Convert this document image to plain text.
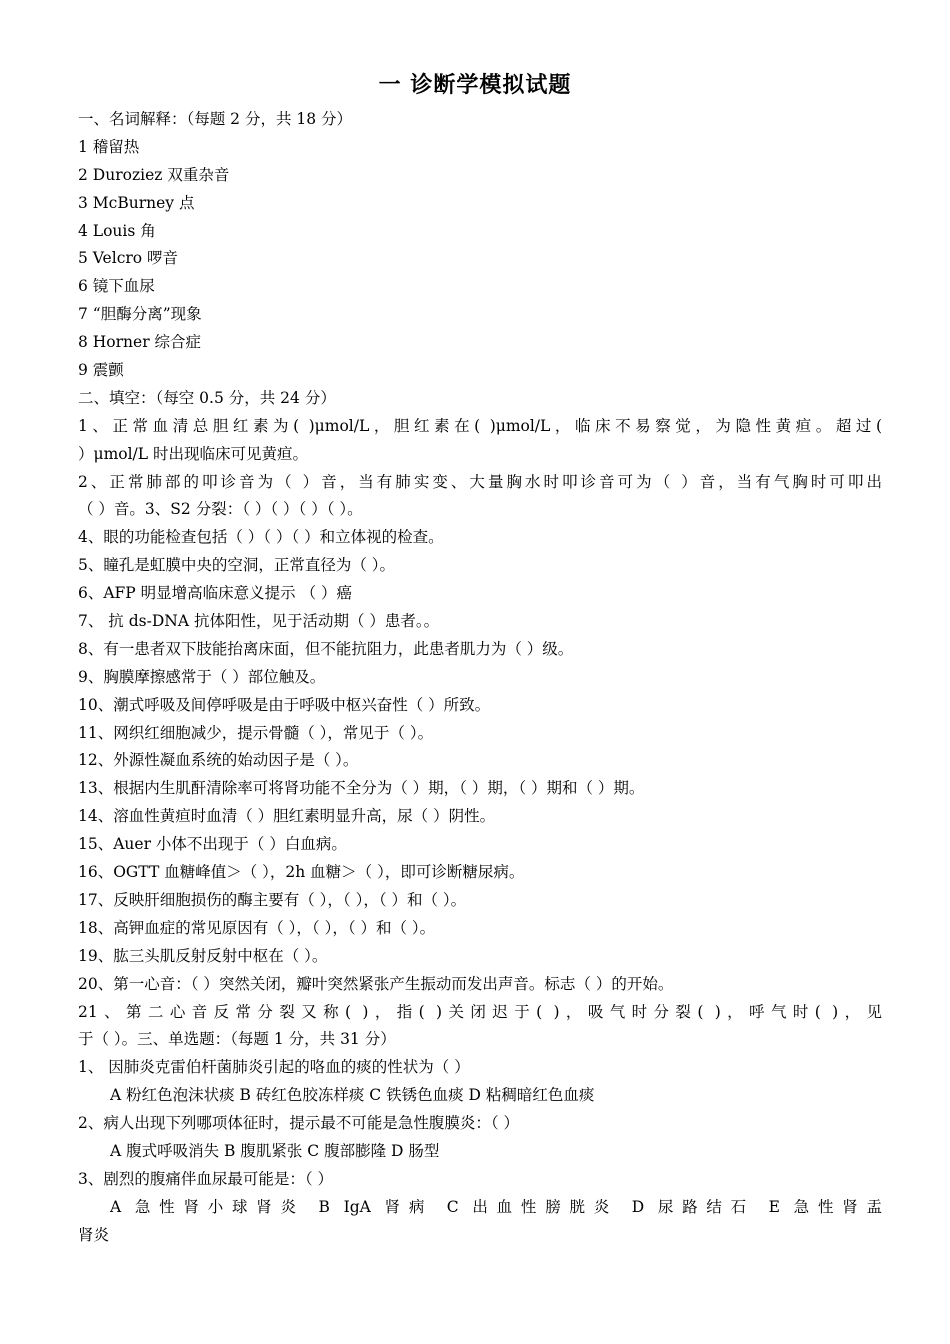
一 诊断学模拟试题
一、名词解释：（每题 2 分，共 18 分）
1 稽留热
2 Duroziez 双重杂音
3 McBurney 点
4 Louis 角
5 Velcro 啰音
6 镜下血尿
7 “胆酶分离”现象
8 Horner 综合症
9 震颤
二、填空：（每空 0.5 分，共 24 分）
1、正常血清总胆红素为( )μmol/L，胆红素在( )μmol/L，临床不易察觉，为隐性黄疸。超过(
）μmol/L 时出现临床可见黄疸。
2、正常肺部的叩诊音为（ ）音，当有肺实变、大量胸水时叩诊音可为（ ）音，当有气胸时可叩出
（ ）音。3、S2 分裂：（ ）（ ）（ ）（ ）。
4、眼的功能检查包括（ ）（ ）（ ）和立体视的检查。
5、瞳孔是虹膜中央的空洞，正常直径为（ ）。
6、AFP 明显增高临床意义提示 （ ）癌
7、 抗 ds-DNA 抗体阳性，见于活动期（ ）患者。。
8、有一患者双下肢能抬离床面，但不能抗阻力，此患者肌力为（ ）级。
9、胸膜摩擦感常于（ ）部位触及。
10、潮式呼吸及间停呼吸是由于呼吸中枢兴奋性（ ）所致。
11、网织红细胞减少，提示骨髓（ ），常见于（ ）。
12、外源性凝血系统的始动因子是（ ）。
13、根据内生肌酐清除率可将肾功能不全分为（ ）期，（ ）期，（ ）期和（ ）期。
14、溶血性黄疸时血清（ ）胆红素明显升高，尿（ ）阴性。
15、Auer 小体不出现于（ ）白血病。
16、OGTT 血糖峰值＞（ ），2h 血糖＞（ ），即可诊断糖尿病。
17、反映肝细胞损伤的酶主要有（ ），（ ），（ ）和（ ）。
18、高钾血症的常见原因有（ ），（ ），（ ）和（ ）。
19、肱三头肌反射反射中枢在（ ）。
20、第一心音：（ ）突然关闭，瓣叶突然紧张产生振动而发出声音。标志（ ）的开始。
21、第二心音反常分裂又称( )，指( )关闭迟于( )，吸气时分裂( )，呼气时( )，见
于（ ）。三、单选题：（每题 1 分，共 31 分）
1、 因肺炎克雷伯杆菌肺炎引起的咯血的痰的性状为（ ）
A 粉红色泡沫状痰 B 砖红色胶冻样痰 C 铁锈色血痰 D 粘稠暗红色血痰
2、病人出现下列哪项体征时，提示最不可能是急性腹膜炎：（ ）
A 腹式呼吸消失 B 腹肌紧张 C 腹部膨隆 D 肠型
3、剧烈的腹痛伴血尿最可能是：（ ）
A 急性肾小球肾炎 B IgA 肾病 C 出血性膀胱炎 D 尿路结石 E 急性肾盂
肾炎
